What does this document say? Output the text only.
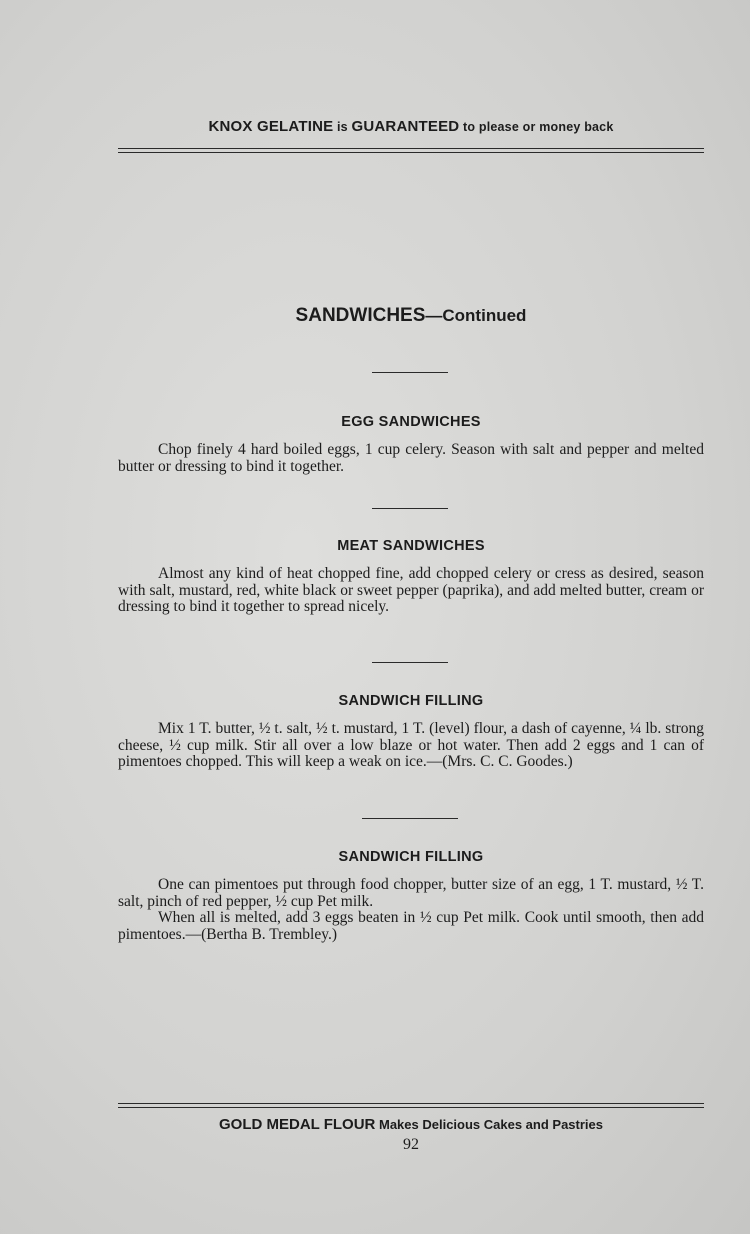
KNOX GELATINE is GUARANTEED to please or money back
SANDWICHES—Continued
EGG SANDWICHES

Chop finely 4 hard boiled eggs, 1 cup celery. Season with salt and pepper and melted butter or dressing to bind it together.

MEAT SANDWICHES

Almost any kind of heat chopped fine, add chopped celery or cress as desired, season with salt, mustard, red, white black or sweet pepper (paprika), and add melted butter, cream or dressing to bind it together to spread nicely.

SANDWICH FILLING

Mix 1 T. butter, ½ t. salt, ½ t. mustard, 1 T. (level) flour, a dash of cayenne, ¼ lb. strong cheese, ½ cup milk. Stir all over a low blaze or hot water. Then add 2 eggs and 1 can of pimentoes chopped. This will keep a weak on ice.—(Mrs. C. C. Goodes.)

SANDWICH FILLING

One can pimentoes put through food chopper, butter size of an egg, 1 T. mustard, ½ T. salt, pinch of red pepper, ½ cup Pet milk.

When all is melted, add 3 eggs beaten in ½ cup Pet milk. Cook until smooth, then add pimentoes.—(Bertha B. Trembley.)

GOLD MEDAL FLOUR Makes Delicious Cakes and Pastries
92
